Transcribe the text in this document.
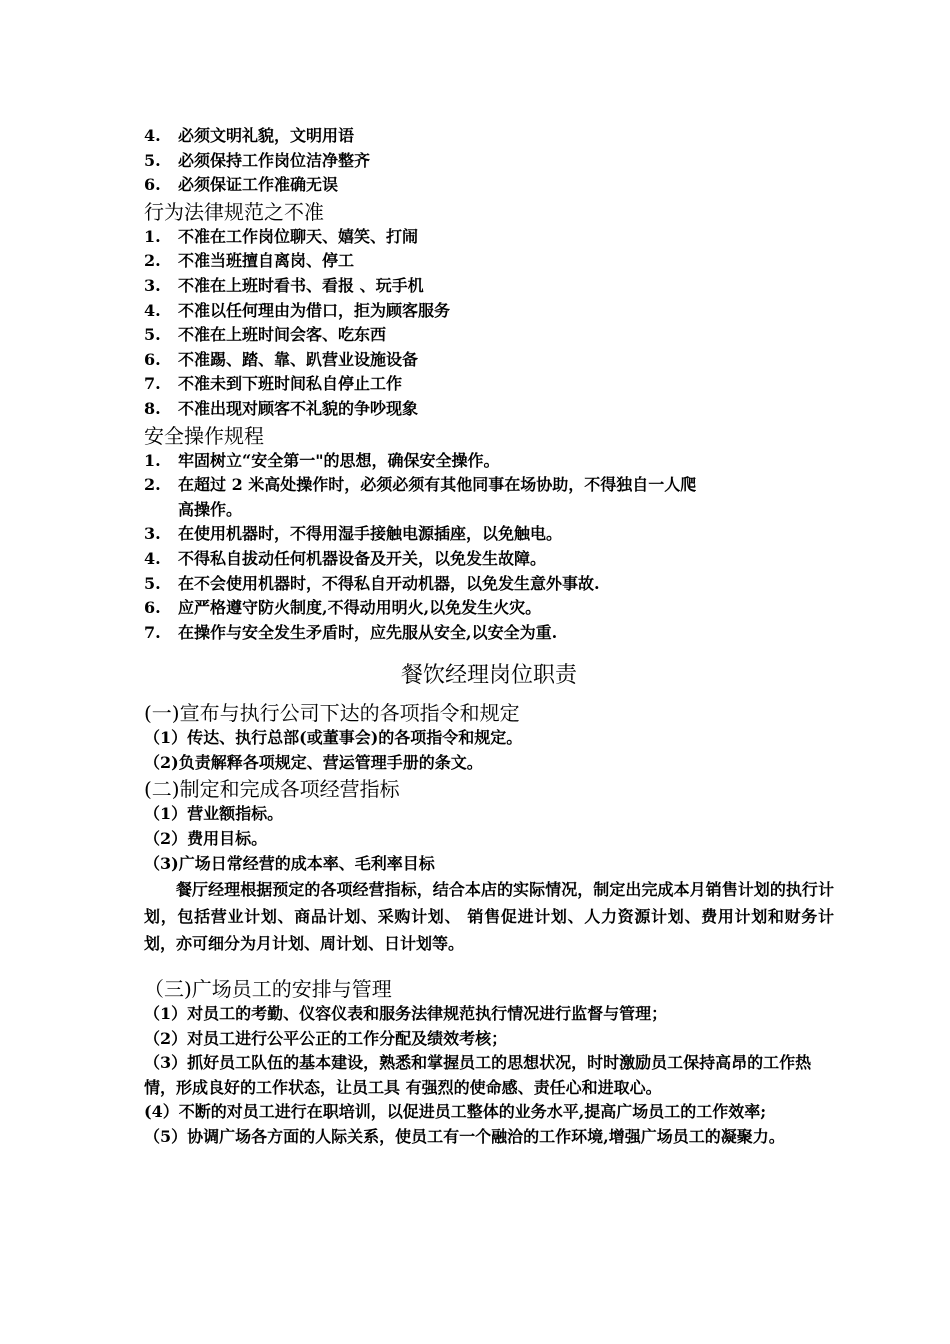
4. 必须文明礼貌，文明用语
5. 必须保持工作岗位洁净整齐
6. 必须保证工作准确无误
行为法律规范之不准
1. 不准在工作岗位聊天、嬉笑、打闹
2. 不准当班擅自离岗、停工
3. 不准在上班时看书、看报 、玩手机
4. 不准以任何理由为借口，拒为顾客服务
5. 不准在上班时间会客、吃东西
6. 不准踢、踏、靠、趴营业设施设备
7. 不准未到下班时间私自停止工作
8. 不准出现对顾客不礼貌的争吵现象
安全操作规程
1. 牢固树立“安全第一"的思想，确保安全操作。
2. 在超过 2 米高处操作时，必须必须有其他同事在场协助，不得独自一人爬
高操作。
3. 在使用机器时，不得用湿手接触电源插座，以免触电。
4. 不得私自拔动任何机器设备及开关，以免发生故障。
5. 在不会使用机器时，不得私自开动机器，以免发生意外事故.
6. 应严格遵守防火制度,不得动用明火,以免发生火灾。
7. 在操作与安全发生矛盾时，应先服从安全,以安全为重.
餐饮经理岗位职责
(一)宣布与执行公司下达的各项指令和规定
（1）传达、执行总部(或董事会)的各项指令和规定。
（2)负责解释各项规定、营运管理手册的条文。
(二)制定和完成各项经营指标
（1）营业额指标。
（2）费用目标。
（3)广场日常经营的成本率、毛利率目标
餐厅经理根据预定的各项经营指标，结合本店的实际情况，制定出完成本月销售计划的执行计划，包括营业计划、商品计划、采购计划、 销售促进计划、人力资源计划、费用计划和财务计划，亦可细分为月计划、周计划、日计划等。
（三)广场员工的安排与管理
（1）对员工的考勤、仪容仪表和服务法律规范执行情况进行监督与管理；
（2）对员工进行公平公正的工作分配及绩效考核；
（3）抓好员工队伍的基本建设，熟悉和掌握员工的思想状况，时时激励员工保持高昂的工作热情，形成良好的工作状态，让员工具 有强烈的使命感、责任心和进取心。
(4）不断的对员工进行在职培训，以促进员工整体的业务水平,提高广场员工的工作效率;
（5）协调广场各方面的人际关系，使员工有一个融洽的工作环境,增强广场员工的凝聚力。
